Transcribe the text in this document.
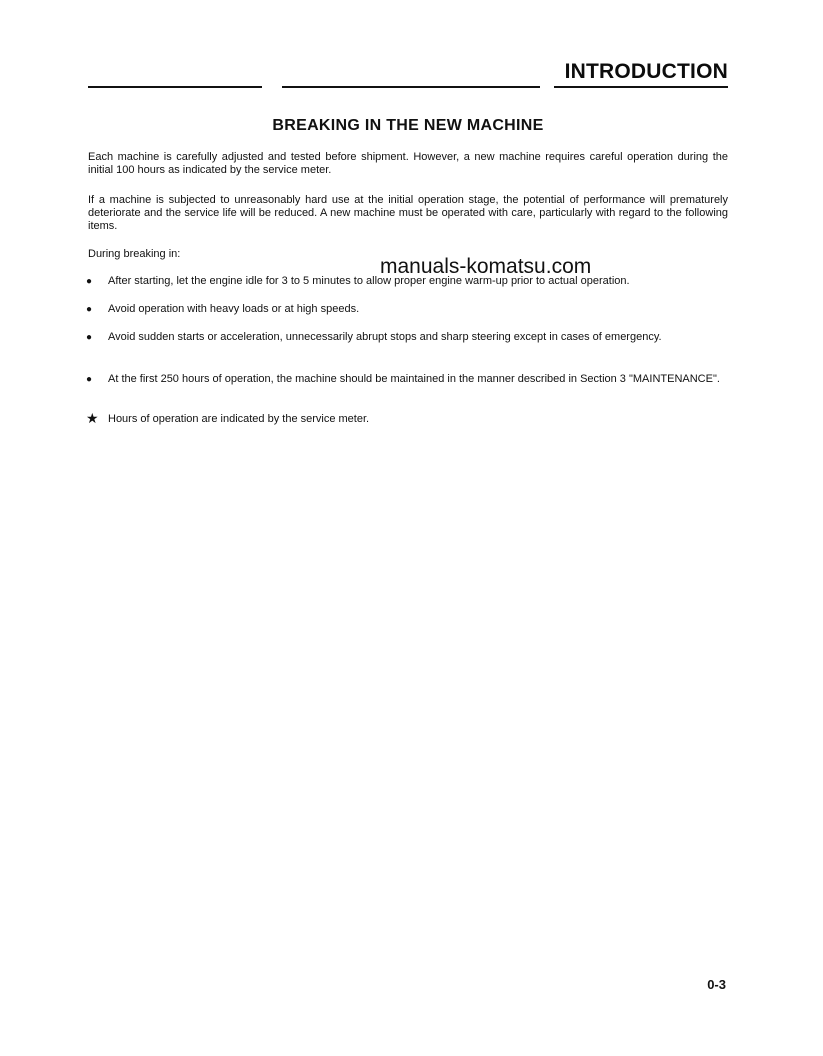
INTRODUCTION
BREAKING IN THE NEW MACHINE
Each machine is carefully adjusted and tested before shipment. However, a new machine requires careful operation during the initial 100 hours as indicated by the service meter.
If a machine is subjected to unreasonably hard use at the initial operation stage, the potential of performance will prematurely deteriorate and the service life will be reduced. A new machine must be operated with care, particularly with regard to the following items.
During breaking in:
●	After starting, let the engine idle for 3 to 5 minutes to allow proper engine warm-up prior to actual operation.
●	Avoid operation with heavy loads or at high speeds.
●	Avoid sudden starts or acceleration, unnecessarily abrupt stops and sharp steering except in cases of emergency.
●	At the first 250 hours of operation, the machine should be maintained in the manner described in Section 3 "MAINTENANCE".
★ Hours of operation are indicated by the service meter.
manuals-komatsu.com
0-3
